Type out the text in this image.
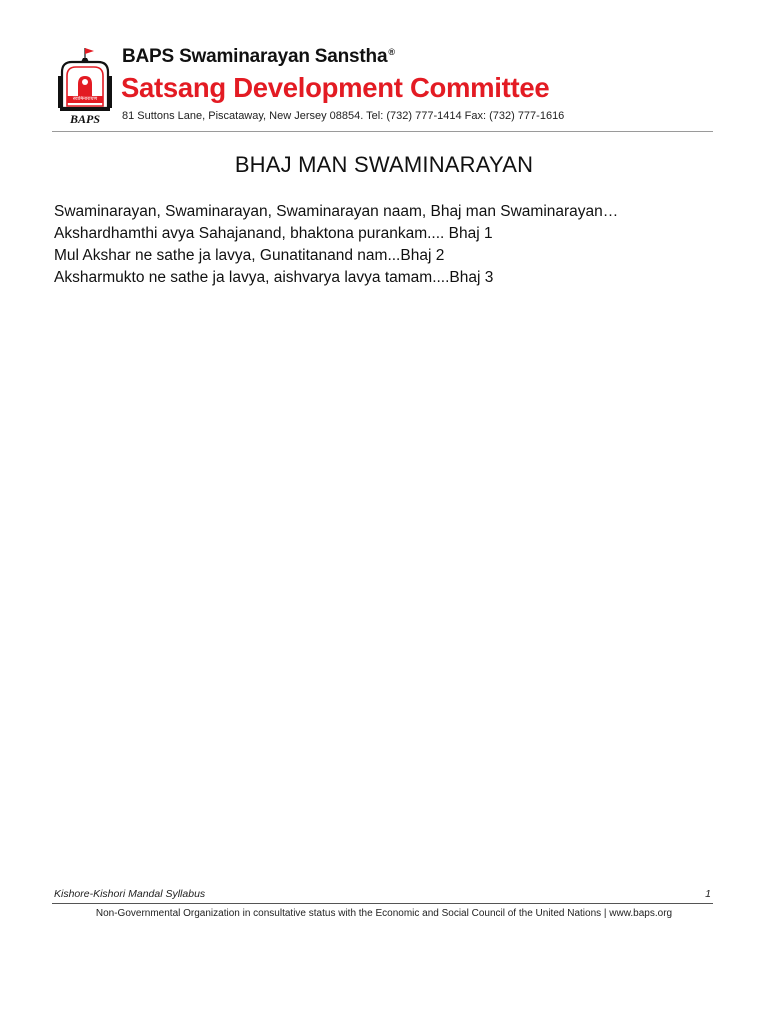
स्वामिनारायण
BAPS
BAPS Swaminarayan Sanstha®
Satsang Development Committee
81 Suttons Lane, Piscataway, New Jersey 08854. Tel: (732) 777-1414 Fax: (732) 777-1616
BHAJ MAN SWAMINARAYAN
Swaminarayan, Swaminarayan, Swaminarayan naam, Bhaj man Swaminarayan…
Akshardhamthi avya Sahajanand, bhaktona purankam.... Bhaj 1
Mul Akshar ne sathe ja lavya, Gunatitanand nam...Bhaj 2
Aksharmukto ne sathe ja lavya, aishvarya lavya tamam....Bhaj 3
Kishore-Kishori Mandal Syllabus	1
Non-Governmental Organization in consultative status with the Economic and Social Council of the United Nations | www.baps.org
